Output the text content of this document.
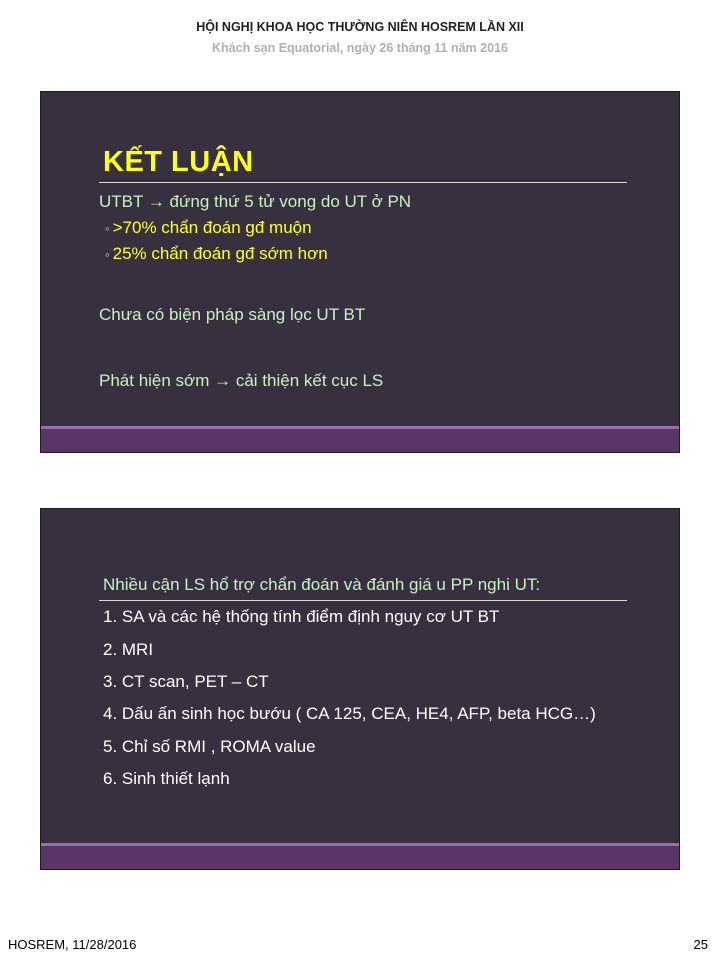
HỘI NGHỊ KHOA HỌC THƯỜNG NIÊN HOSREM LẦN XII
Khách sạn Equatorial, ngày 26 tháng 11 năm 2016
KẾT LUẬN
UTBT → đứng thứ 5 tử vong do UT ở PN
◦ >70% chẩn đoán gđ muộn
◦ 25% chẩn đoán gđ sớm hơn
Chưa có biện pháp sàng lọc UT BT
Phát hiện sớm → cải thiện kết cục LS
Nhiều cận LS hổ trợ chẩn đoán và đánh giá u PP nghi UT:
1. SA và các hệ thống tính điểm định nguy cơ UT BT
2. MRI
3. CT scan, PET – CT
4. Dấu ấn sinh học bướu ( CA 125, CEA, HE4, AFP, beta HCG…)
5. Chỉ số RMI , ROMA value
6. Sinh thiết lạnh
HOSREM, 11/28/2016	25
